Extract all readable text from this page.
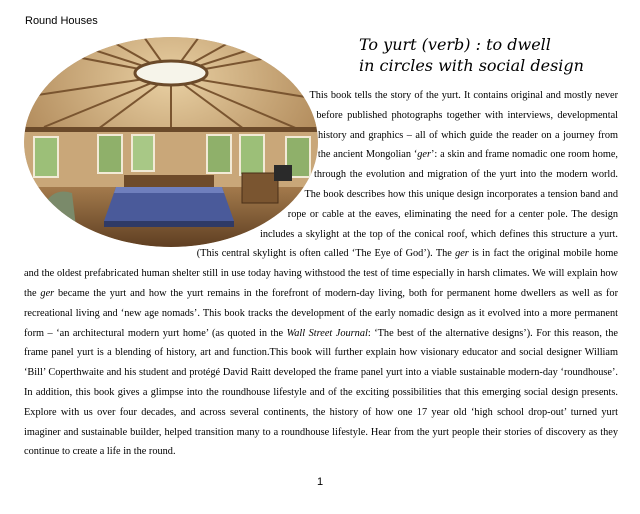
Round Houses
To yurt (verb) : to dwell
in circles with social design

This book tells the story of the yurt. It contains original and mostly never before published photographs together with interviews, developmental history and graphics – all of which guide the reader on a journey from the ancient Mongolian ‘ger’: a skin and frame nomadic one room home, through the evolution and migration of the yurt into the modern world. The book describes how this unique design incorporates a tension band and rope or cable at the eaves, eliminating the need for a center pole. The design includes a skylight at the top of the conical roof, which defines this structure a yurt. (This central skylight is often called ‘The Eye of God’). The ger is in fact the original mobile home and the oldest prefabricated human shelter still in use today having withstood the test of time especially in harsh climates. We will explain how the ger became the yurt and how the yurt remains in the forefront of modern-day living, both for permanent home dwellers as well as for recreational living and ‘new age nomads’. This book tracks the development of the early nomadic design as it evolved into a more permanent form – ‘an architectural modern yurt home’ (as quoted in the Wall Street Journal: ‘The best of the alternative designs’). For this reason, the frame panel yurt is a blending of history, art and function.This book will further explain how visionary educator and social designer William ‘Bill’ Coperthwaite and his student and protégé David Raitt developed the frame panel yurt into a viable sustainable modern-day ‘roundhouse’. In addition, this book gives a glimpse into the roundhouse lifestyle and of the exciting possibilities that this emerging social design presents. Explore with us over four decades, and across several continents, the history of how one 17 year old ‘high school drop-out’ turned yurt imaginer and sustainable builder, helped transition many to a roundhouse lifestyle. Hear from the yurt people their stories of discovery as they continue to create a life in the round.

1
